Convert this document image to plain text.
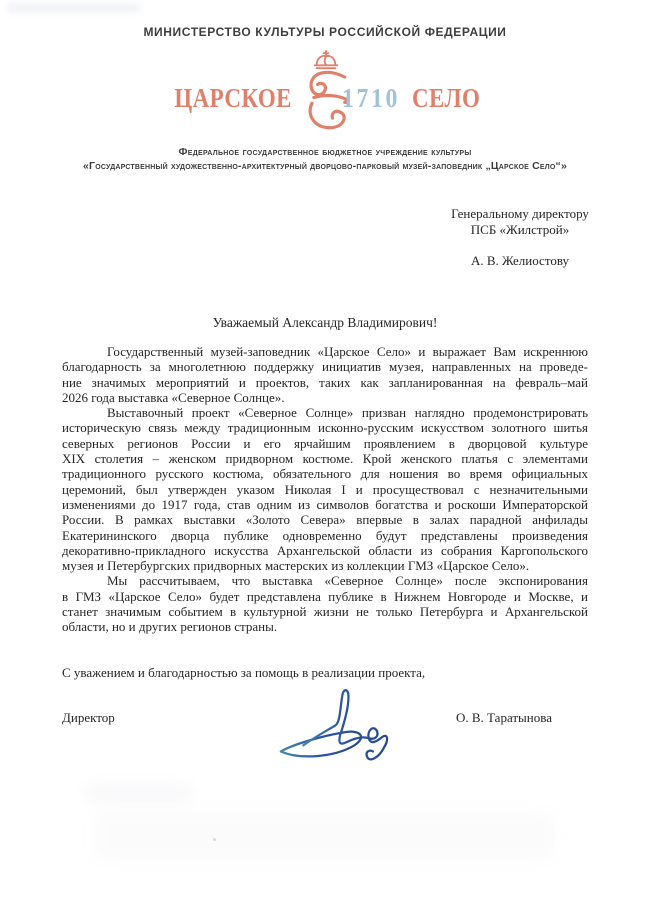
МИНИСТЕРСТВО КУЛЬТУРЫ РОССИЙСКОЙ ФЕДЕРАЦИИ
ЦАРСКОЕ 1710 СЕЛО
Федеральное государственное бюджетное учреждение культуры
«Государственный художественно-архитектурный дворцово-парковый музей-заповедник „Царское Село“»
Генеральному директору
ПСБ «Жилстрой»
А. В. Желиостову
Уважаемый Александр Владимирович!
Государственный музей-заповедник «Царское Село» и выражает Вам искреннюю
благодарность за многолетнюю поддержку инициатив музея, направленных на проведе-
ние значимых мероприятий и проектов, таких как запланированная на февраль–май
2026 года выставка «Северное Солнце».
Выставочный проект «Северное Солнце» призван наглядно продемонстрировать
историческую связь между традиционным исконно-русским искусством золотного шитья
северных регионов России и его ярчайшим проявлением в дворцовой культуре
XIX столетия – женском придворном костюме. Крой женского платья с элементами
традиционного русского костюма, обязательного для ношения во время официальных
церемоний, был утвержден указом Николая I и просуществовал с незначительными
изменениями до 1917 года, став одним из символов богатства и роскоши Императорской
России. В рамках выставки «Золото Севера» впервые в залах парадной анфилады
Екатерининского дворца публике одновременно будут представлены произведения
декоративно-прикладного искусства Архангельской области из собрания Каргопольского
музея и Петербургских придворных мастерских из коллекции ГМЗ «Царское Село».
Мы рассчитываем, что выставка «Северное Солнце» после экспонирования
в ГМЗ «Царское Село» будет представлена публике в Нижнем Новгороде и Москве, и
станет значимым событием в культурной жизни не только Петербурга и Архангельской
области, но и других регионов страны.
С уважением и благодарностью за помощь в реализации проекта,
Директор	О. В. Таратынова
